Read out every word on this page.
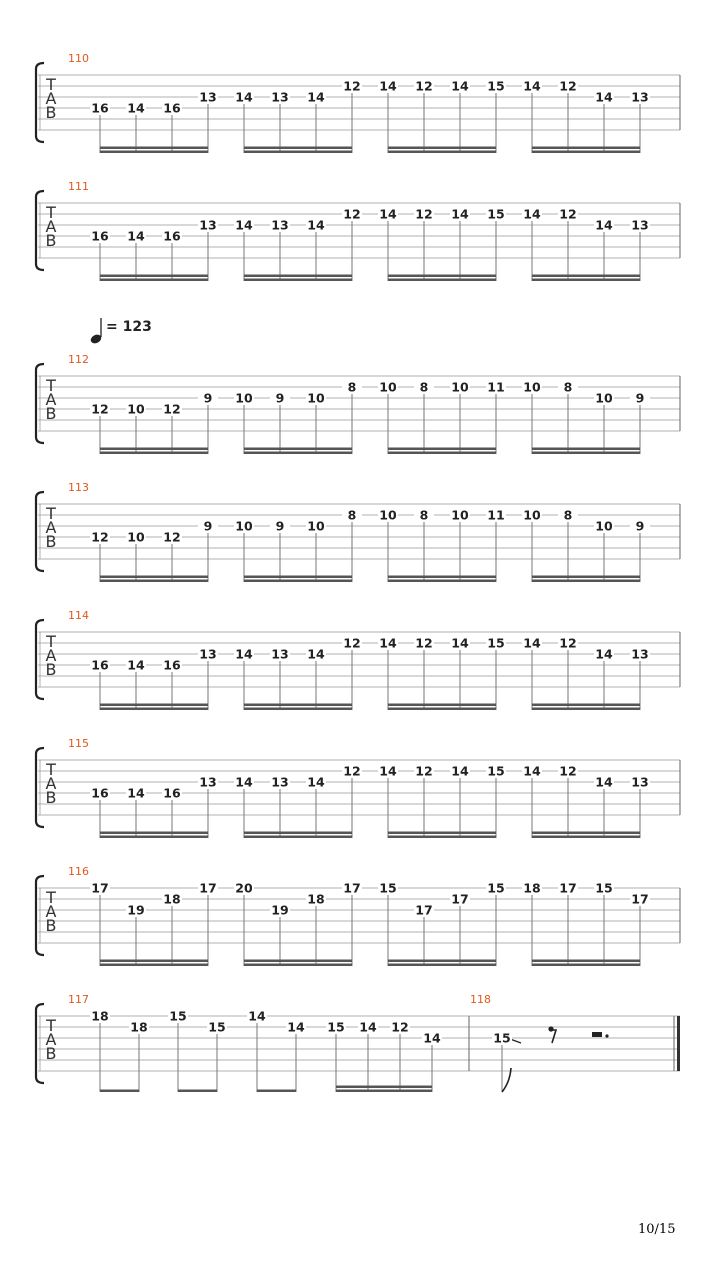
= 123
T
A
B
110
16 14 16
13 14 13 14
12 14 12 14 15 14 12
14 13
T
A
B
111
16 14 16
13 14 13 14
12 14 12 14 15 14 12
14 13
T
A
B
112
12 10 12
9 10 9 10
8 10 8 10 11 10 8
10 9
T
A
B
113
12 10 12
9 10 9 10
8 10 8 10 11 10 8
10 9
T
A
B
114
16 14 16
13 14 13 14
12 14 12 14 15 14 12
14 13
T
A
B
115
16 14 16
13 14 13 14
12 14 12 14 15 14 12
14 13
T
A
B
116
17
19
18
17 20
19
18
17 15
17
17
15 18 17 15
17
T
A
B
117	118
18
18
15
15
14
14 15 14 12
14	15
10/15
